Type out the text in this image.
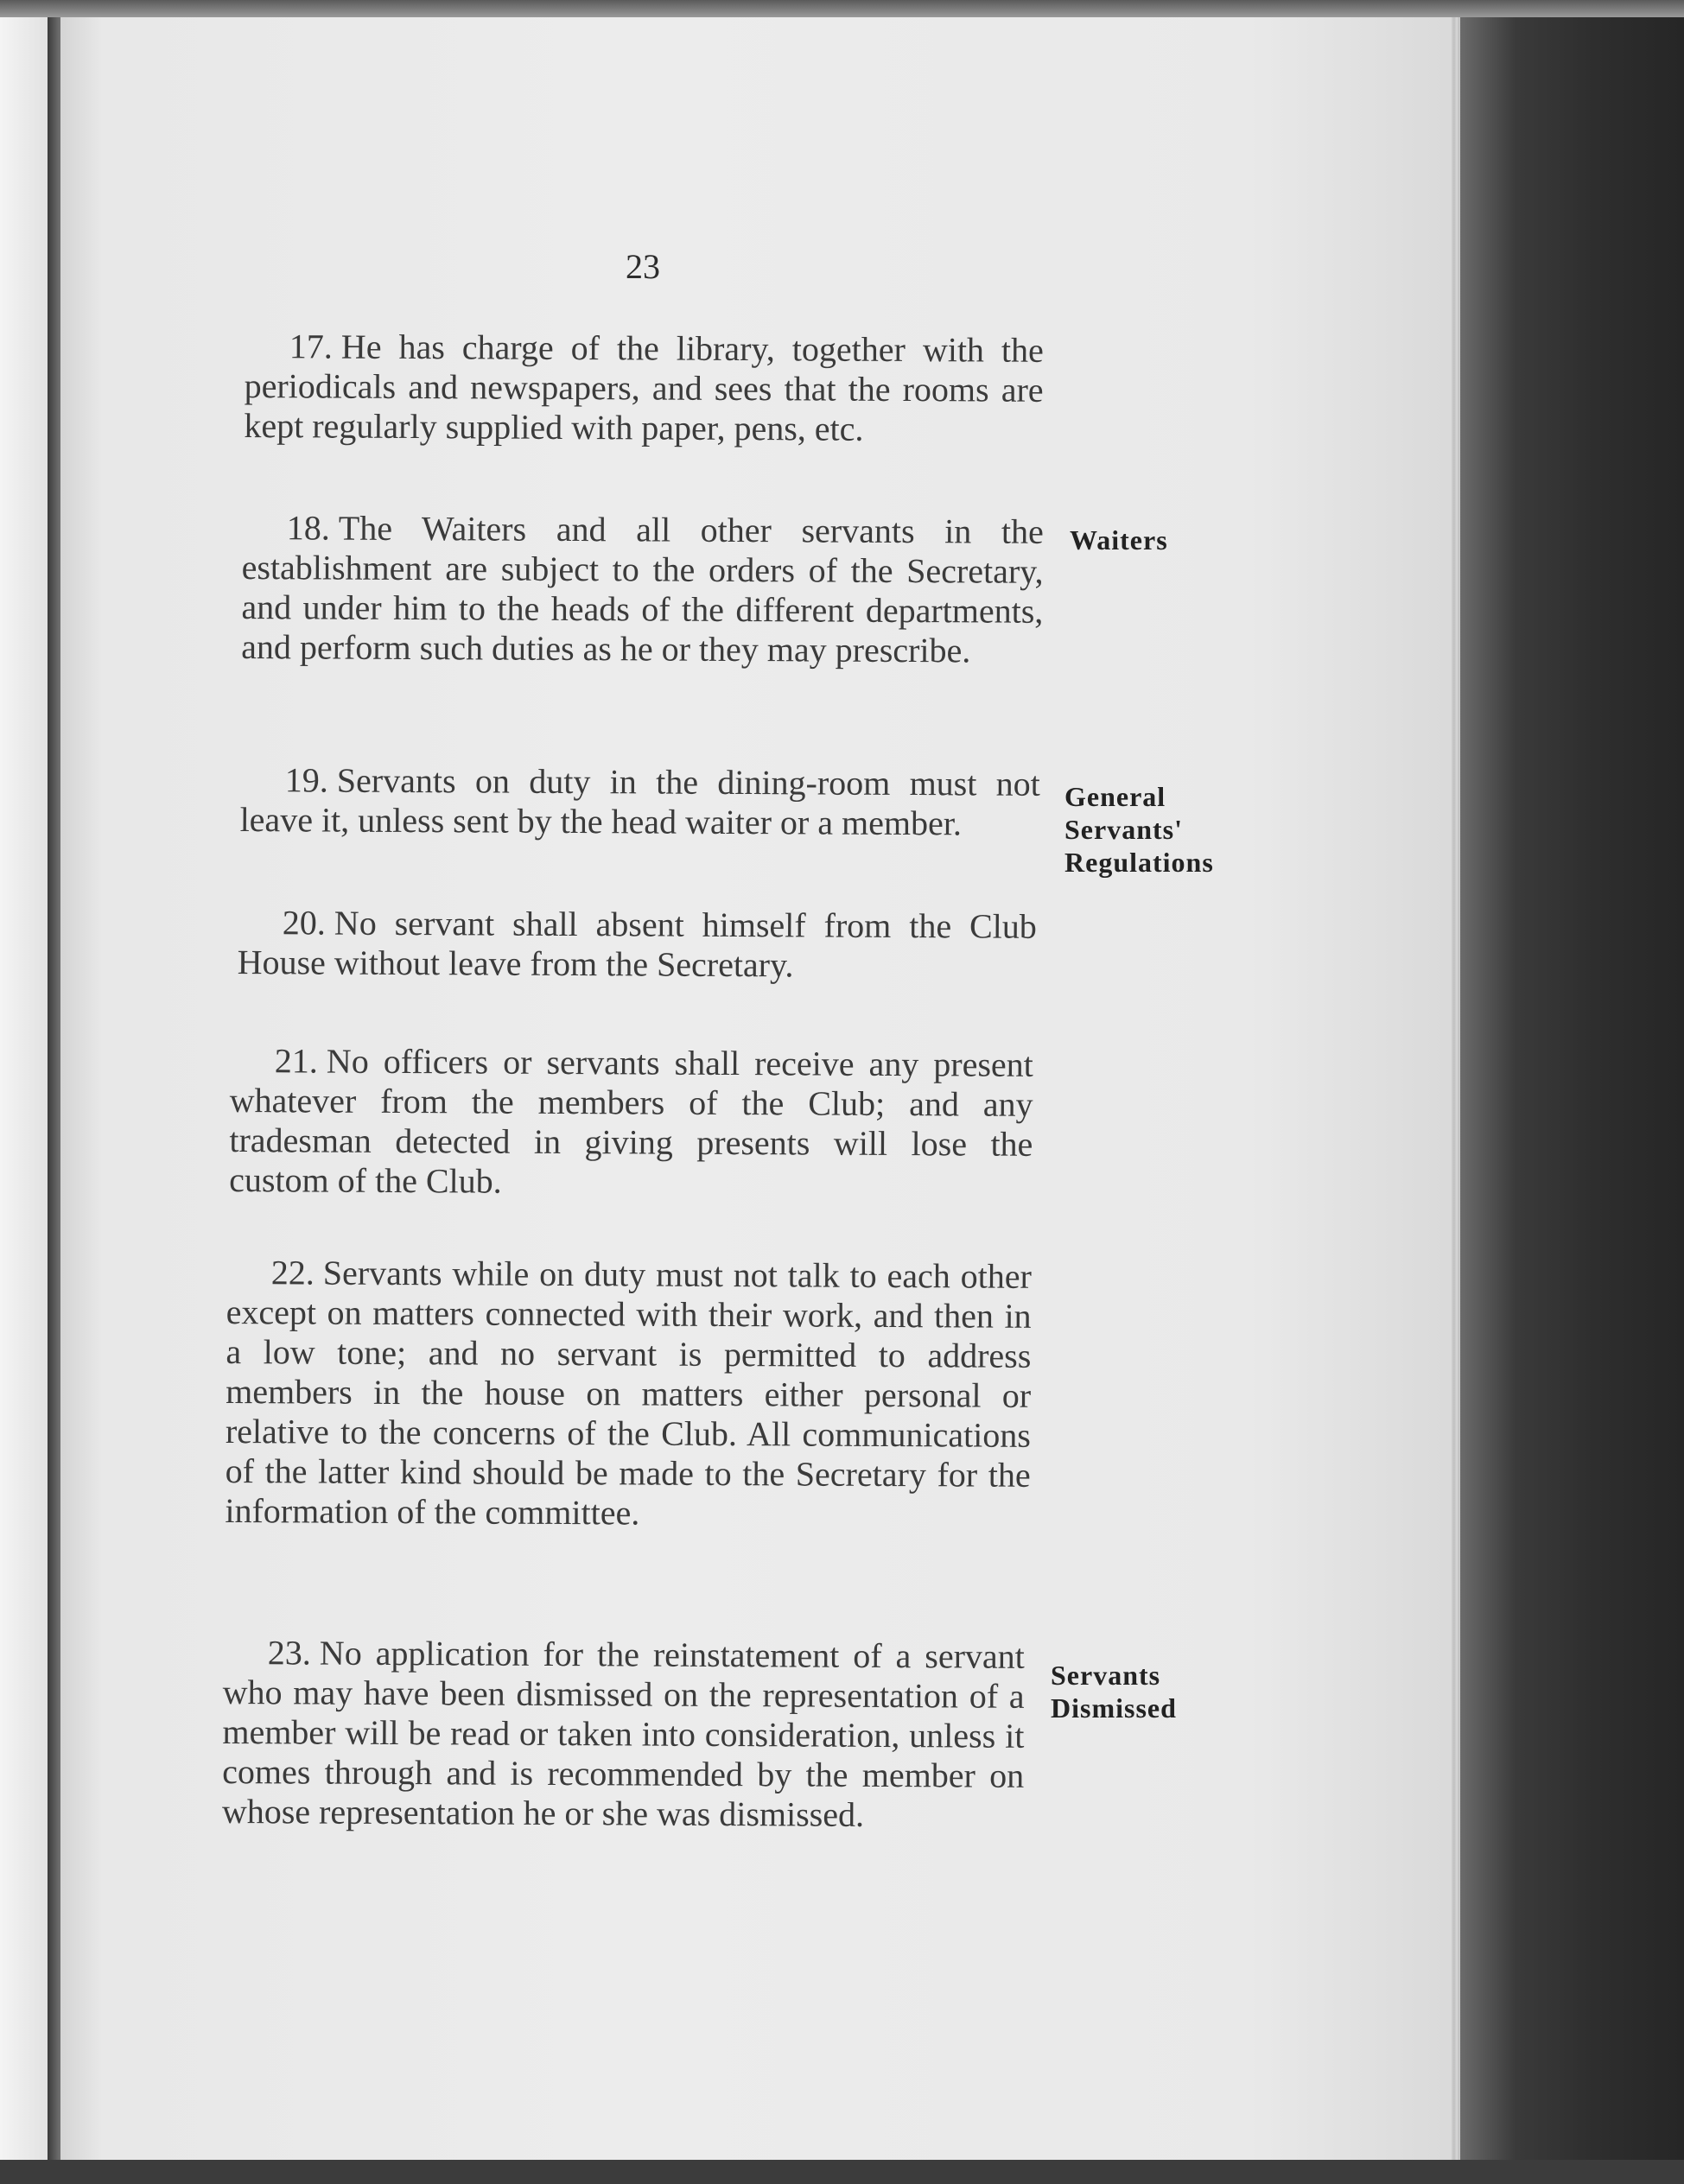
23

17. He has charge of the library, together with the periodicals and newspapers, and sees that the rooms are kept regularly supplied with paper, pens, etc.

18. The Waiters and all other servants in the establishment are subject to the orders of the Secretary, and under him to the heads of the different departments, and perform such duties as he or they may prescribe.

19. Servants on duty in the dining-room must not leave it, unless sent by the head waiter or a member.

20. No servant shall absent himself from the Club House without leave from the Secretary.

21. No officers or servants shall receive any present whatever from the members of the Club; and any tradesman detected in giving presents will lose the custom of the Club.

22. Servants while on duty must not talk to each other except on matters connected with their work, and then in a low tone; and no servant is permitted to address members in the house on matters either personal or relative to the concerns of the Club. All communications of the latter kind should be made to the Secretary for the information of the committee.

23. No application for the reinstatement of a servant who may have been dismissed on the representation of a member will be read or taken into consideration, unless it comes through and is recommended by the member on whose representation he or she was dismissed.

Waiters
General
Servants'
Regulations
Servants
Dismissed
